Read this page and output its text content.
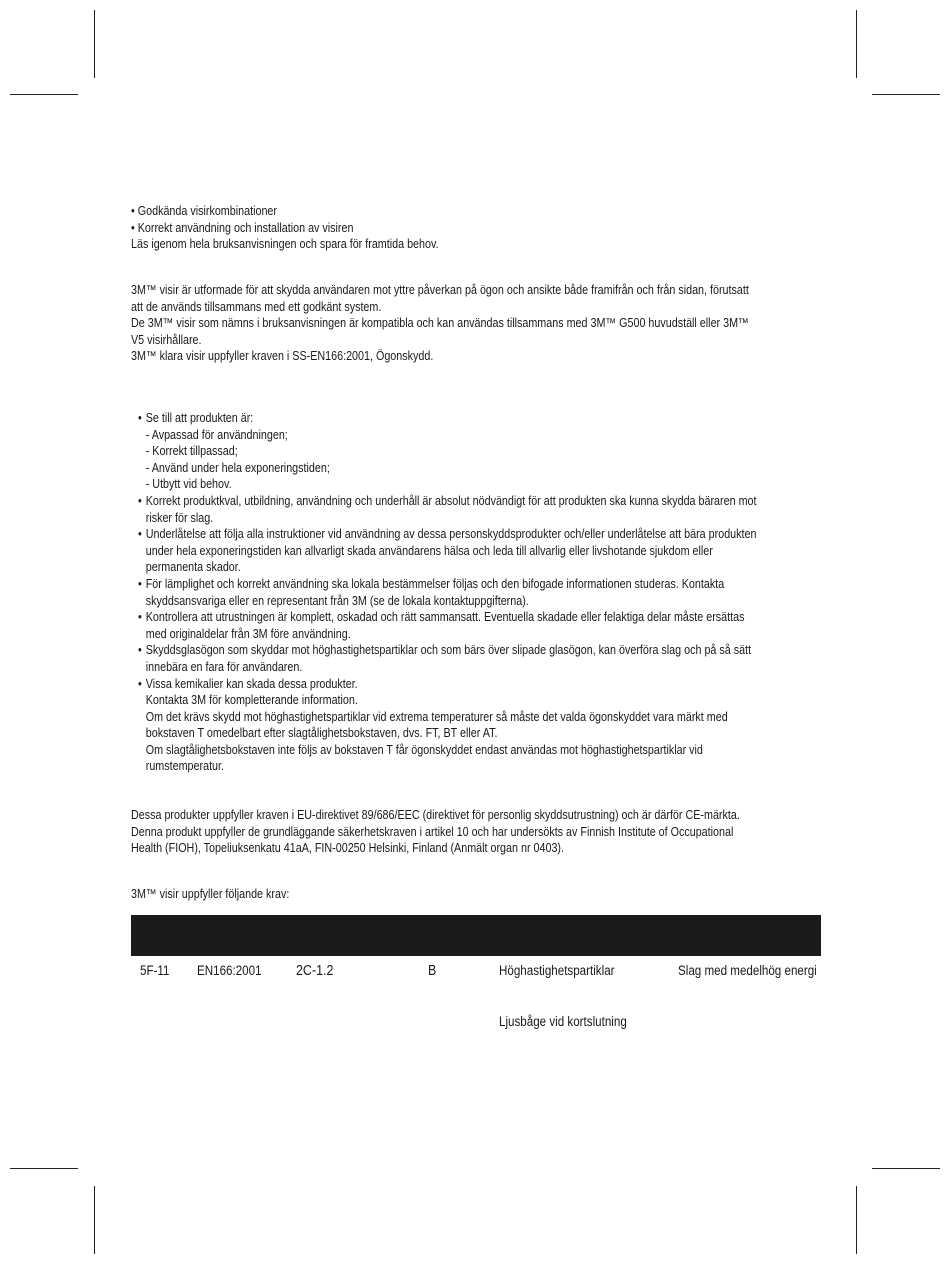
• Godkända visirkombinationer

• Korrekt användning och installation av visiren

Läs igenom hela bruksanvisningen och spara för framtida behov.

3M™ visir är utformade för att skydda användaren mot yttre påverkan på ögon och ansikte både framifrån och från sidan, förutsatt

att de används tillsammans med ett godkänt system.

De 3M™ visir som nämns i bruksanvisningen är kompatibla och kan användas tillsammans med 3M™ G500 huvudställ eller 3M™

V5 visirhållare.

3M™ klara visir uppfyller kraven i SS-EN166:2001, Ögonskydd.

• Se till att produkten är:
- Avpassad för användningen;
- Korrekt tillpassad;
- Använd under hela exponeringstiden;
- Utbytt vid behov.
• Korrekt produktkval, utbildning, användning och underhåll är absolut nödvändigt för att produkten ska kunna skydda bäraren mot
risker för slag.
• Underlåtelse att följa alla instruktioner vid användning av dessa personskyddsprodukter och/eller underlåtelse att bära produkten
under hela exponeringstiden kan allvarligt skada användarens hälsa och leda till allvarlig eller livshotande sjukdom eller
permanenta skador.
• För lämplighet och korrekt användning ska lokala bestämmelser följas och den bifogade informationen studeras. Kontakta
skyddsansvariga eller en representant från 3M (se de lokala kontaktuppgifterna).
• Kontrollera att utrustningen är komplett, oskadad och rätt sammansatt. Eventuella skadade eller felaktiga delar måste ersättas
med originaldelar från 3M före användning.
• Skyddsglasögon som skyddar mot höghastighetspartiklar och som bärs över slipade glasögon, kan överföra slag och på så sätt
innebära en fara för användaren.
• Vissa kemikalier kan skada dessa produkter.
Kontakta 3M för kompletterande information.
Om det krävs skydd mot höghastighetspartiklar vid extrema temperaturer så måste det valda ögonskyddet vara märkt med
bokstaven T omedelbart efter slagtålighetsbokstaven, dvs. FT, BT eller AT.
Om slagtålighetsbokstaven inte följs av bokstaven T får ögonskyddet endast användas mot höghastighetspartiklar vid
rumstemperatur.

Dessa produkter uppfyller kraven i EU-direktivet 89/686/EEC (direktivet för personlig skyddsutrustning) och är därför CE-märkta.

Denna produkt uppfyller de grundläggande säkerhetskraven i artikel 10 och har undersökts av Finnish Institute of Occupational

Health (FIOH), Topeliuksenkatu 41aA, FIN-00250 Helsinki, Finland (Anmält organ nr 0403).

3M™ visir uppfyller följande krav:
5F-11 EN166:2001 2C-1.2	B	Höghastighetspartiklar	Slag med medelhög energi
Ljusbåge vid kortslutning
